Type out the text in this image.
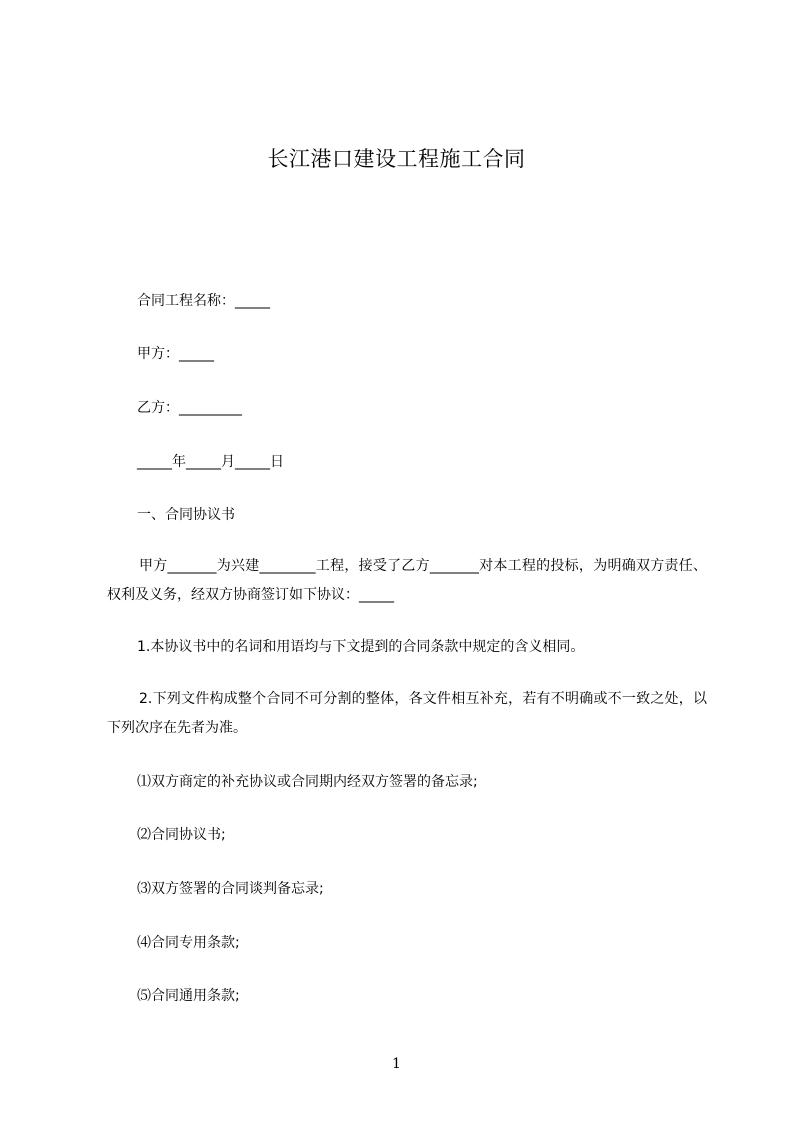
长江港口建设工程施工合同
合同工程名称：_____
甲方：_____
乙方：_________
_____年_____月_____日
一、合同协议书
甲方_______为兴建________工程，接受了乙方_______对本工程的投标，为明确双方责任、权利及义务，经双方协商签订如下协议：_____
1.本协议书中的名词和用语均与下文提到的合同条款中规定的含义相同。
2.下列文件构成整个合同不可分割的整体，各文件相互补充，若有不明确或不一致之处，以下列次序在先者为准。
⑴双方商定的补充协议或合同期内经双方签署的备忘录;
⑵合同协议书;
⑶双方签署的合同谈判备忘录;
⑷合同专用条款;
⑸合同通用条款;
1
